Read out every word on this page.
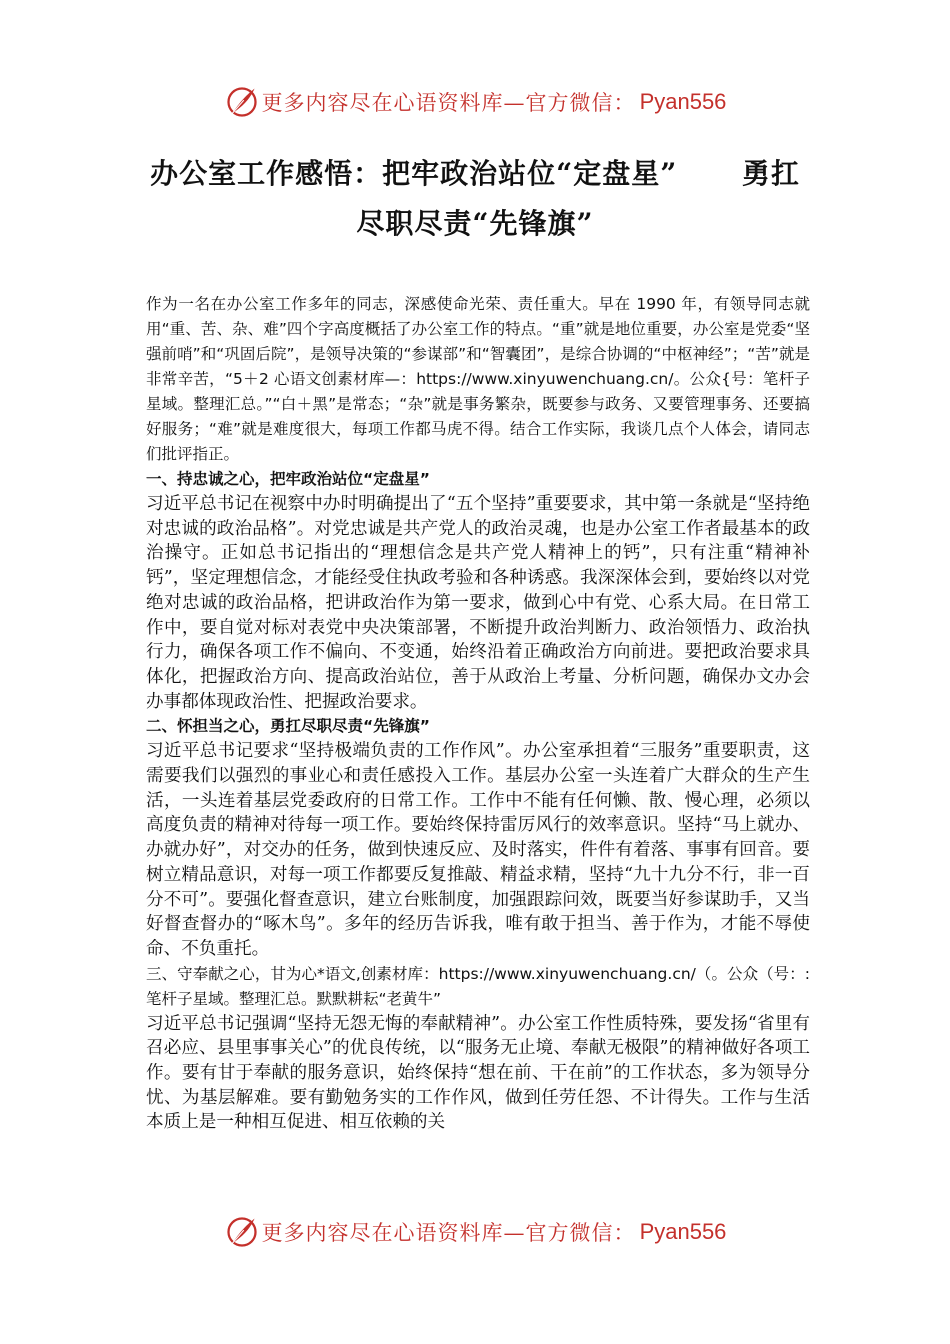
更多内容尽在心语资料库—官方微信： Pyan556
办公室工作感悟：把牢政治站位“定盘星”      勇扛
尽职尽责“先锋旗”

作为一名在办公室工作多年的同志，深感使命光荣、责任重大。早在 1990 年，有领导同志就用“重、苦、杂、难”四个字高度概括了办公室工作的特点。“重”就是地位重要，办公室是党委“坚强前哨”和“巩固后院”，是领导决策的“参谋部”和“智囊团”，是综合协调的“中枢神经”；“苦”就是非常辛苦，“5＋2 心语文创素材库—：https://www.xinyuwenchuang.cn/。公众{号：笔杆子星域。整理汇总。”“白＋黑”是常态；“杂”就是事务繁杂，既要参与政务、又要管理事务、还要搞好服务；“难”就是难度很大，每项工作都马虎不得。结合工作实际，我谈几点个人体会，请同志们批评指正。

一、持忠诚之心，把牢政治站位“定盘星”

习近平总书记在视察中办时明确提出了“五个坚持”重要要求，其中第一条就是“坚持绝对忠诚的政治品格”。对党忠诚是共产党人的政治灵魂，也是办公室工作者最基本的政治操守。正如总书记指出的“理想信念是共产党人精神上的钙”，只有注重“精神补钙”，坚定理想信念，才能经受住执政考验和各种诱惑。我深深体会到，要始终以对党绝对忠诚的政治品格，把讲政治作为第一要求，做到心中有党、心系大局。在日常工作中，要自觉对标对表党中央决策部署，不断提升政治判断力、政治领悟力、政治执行力，确保各项工作不偏向、不变通，始终沿着正确政治方向前进。要把政治要求具体化，把握政治方向、提高政治站位，善于从政治上考量、分析问题，确保办文办会办事都体现政治性、把握政治要求。

二、怀担当之心，勇扛尽职尽责“先锋旗”

习近平总书记要求“坚持极端负责的工作作风”。办公室承担着“三服务”重要职责，这需要我们以强烈的事业心和责任感投入工作。基层办公室一头连着广大群众的生产生活，一头连着基层党委政府的日常工作。工作中不能有任何懒、散、慢心理，必须以高度负责的精神对待每一项工作。要始终保持雷厉风行的效率意识。坚持“马上就办、办就办好”，对交办的任务，做到快速反应、及时落实，件件有着落、事事有回音。要树立精品意识，对每一项工作都要反复推敲、精益求精，坚持“九十九分不行，非一百分不可”。要强化督查意识，建立台账制度，加强跟踪问效，既要当好参谋助手，又当好督查督办的“啄木鸟”。多年的经历告诉我，唯有敢于担当、善于作为，才能不辱使命、不负重托。

三、守奉献之心，甘为心*语文,创素材库：https://www.xinyuwenchuang.cn/（。公众（号：:笔杆子星域。整理汇总。默默耕耘“老黄牛”

习近平总书记强调“坚持无怨无悔的奉献精神”。办公室工作性质特殊，要发扬“省里有召必应、县里事事关心”的优良传统，以“服务无止境、奉献无极限”的精神做好各项工作。要有甘于奉献的服务意识，始终保持“想在前、干在前”的工作状态，多为领导分忧、为基层解难。要有勤勉务实的工作作风，做到任劳任怨、不计得失。工作与生活本质上是一种相互促进、相互依赖的关

更多内容尽在心语资料库—官方微信： Pyan556
